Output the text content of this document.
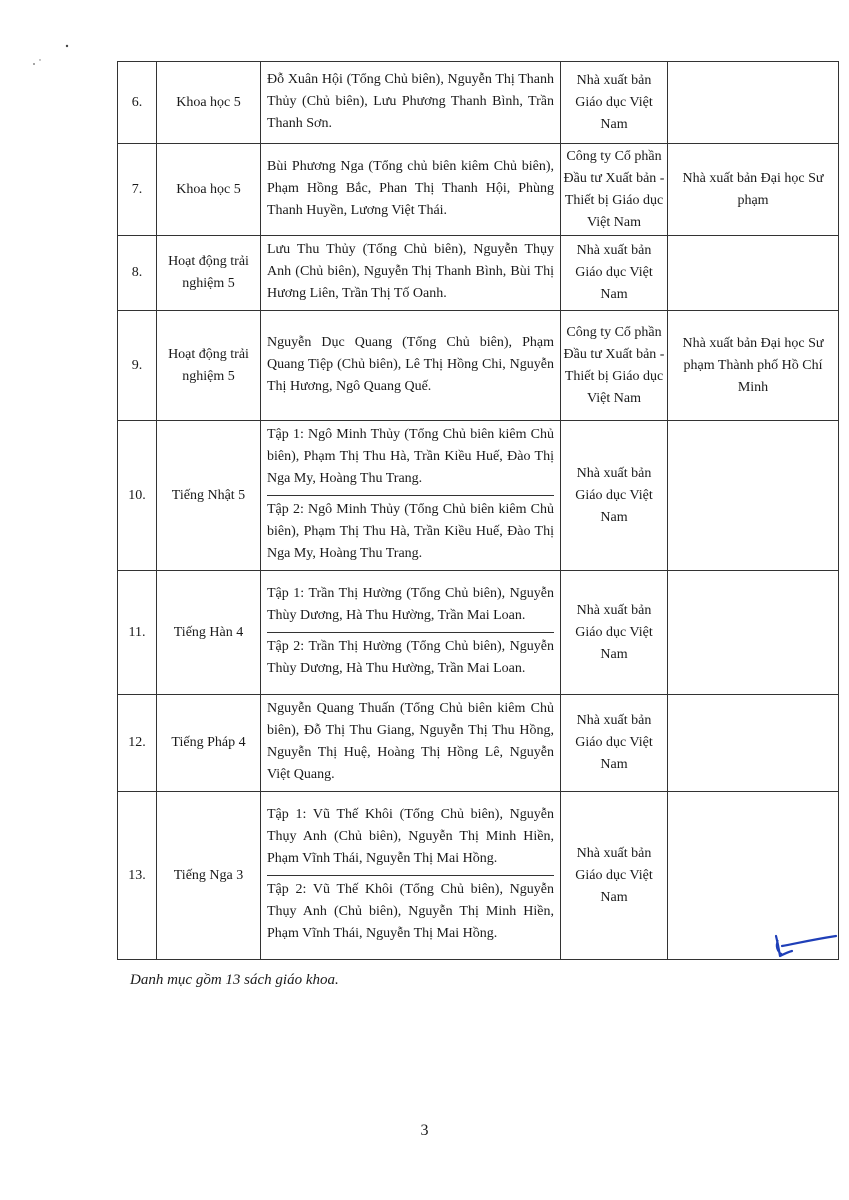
6.	Khoa học 5	Đỗ Xuân Hội (Tổng Chủ biên), Nguyễn Thị Thanh Thủy (Chủ biên), Lưu Phương Thanh Bình, Trần Thanh Sơn.	Nhà xuất bản Giáo dục Việt Nam	
7.	Khoa học 5	Bùi Phương Nga (Tổng chủ biên kiêm Chủ biên), Phạm Hồng Bắc, Phan Thị Thanh Hội, Phùng Thanh Huyền, Lương Việt Thái.	Công ty Cổ phần Đầu tư Xuất bản - Thiết bị Giáo dục Việt Nam	Nhà xuất bản Đại học Sư phạm
8.	Hoạt động trải nghiệm 5	Lưu Thu Thủy (Tổng Chủ biên), Nguyễn Thụy Anh (Chủ biên), Nguyễn Thị Thanh Bình, Bùi Thị Hương Liên, Trần Thị Tố Oanh.	Nhà xuất bản Giáo dục Việt Nam	
9.	Hoạt động trải nghiệm 5	Nguyễn Dục Quang (Tổng Chủ biên), Phạm Quang Tiệp (Chủ biên), Lê Thị Hồng Chi, Nguyễn Thị Hương, Ngô Quang Quế.	Công ty Cổ phần Đầu tư Xuất bản - Thiết bị Giáo dục Việt Nam	Nhà xuất bản Đại học Sư phạm Thành phố Hồ Chí Minh
10.	Tiếng Nhật 5	Tập 1: Ngô Minh Thủy (Tổng Chủ biên kiêm Chủ biên), Phạm Thị Thu Hà, Trần Kiều Huế, Đào Thị Nga My, Hoàng Thu Trang.
Tập 2: Ngô Minh Thủy (Tổng Chủ biên kiêm Chủ biên), Phạm Thị Thu Hà, Trần Kiều Huế, Đào Thị Nga My, Hoàng Thu Trang.	Nhà xuất bản Giáo dục Việt Nam	
11.	Tiếng Hàn 4	Tập 1: Trần Thị Hường (Tổng Chủ biên), Nguyễn Thùy Dương, Hà Thu Hường, Trần Mai Loan.
Tập 2: Trần Thị Hường (Tổng Chủ biên), Nguyễn Thùy Dương, Hà Thu Hường, Trần Mai Loan.	Nhà xuất bản Giáo dục Việt Nam	
12.	Tiếng Pháp 4	Nguyễn Quang Thuấn (Tổng Chủ biên kiêm Chủ biên), Đỗ Thị Thu Giang, Nguyễn Thị Thu Hồng, Nguyễn Thị Huệ, Hoàng Thị Hồng Lê, Nguyễn Việt Quang.	Nhà xuất bản Giáo dục Việt Nam	
13.	Tiếng Nga 3	Tập 1: Vũ Thế Khôi (Tổng Chủ biên), Nguyễn Thụy Anh (Chủ biên), Nguyễn Thị Minh Hiền, Phạm Vĩnh Thái, Nguyễn Thị Mai Hồng.
Tập 2: Vũ Thế Khôi (Tổng Chủ biên), Nguyễn Thụy Anh (Chủ biên), Nguyễn Thị Minh Hiền, Phạm Vĩnh Thái, Nguyễn Thị Mai Hồng.	Nhà xuất bản Giáo dục Việt Nam	
Danh mục gồm 13 sách giáo khoa.
3
